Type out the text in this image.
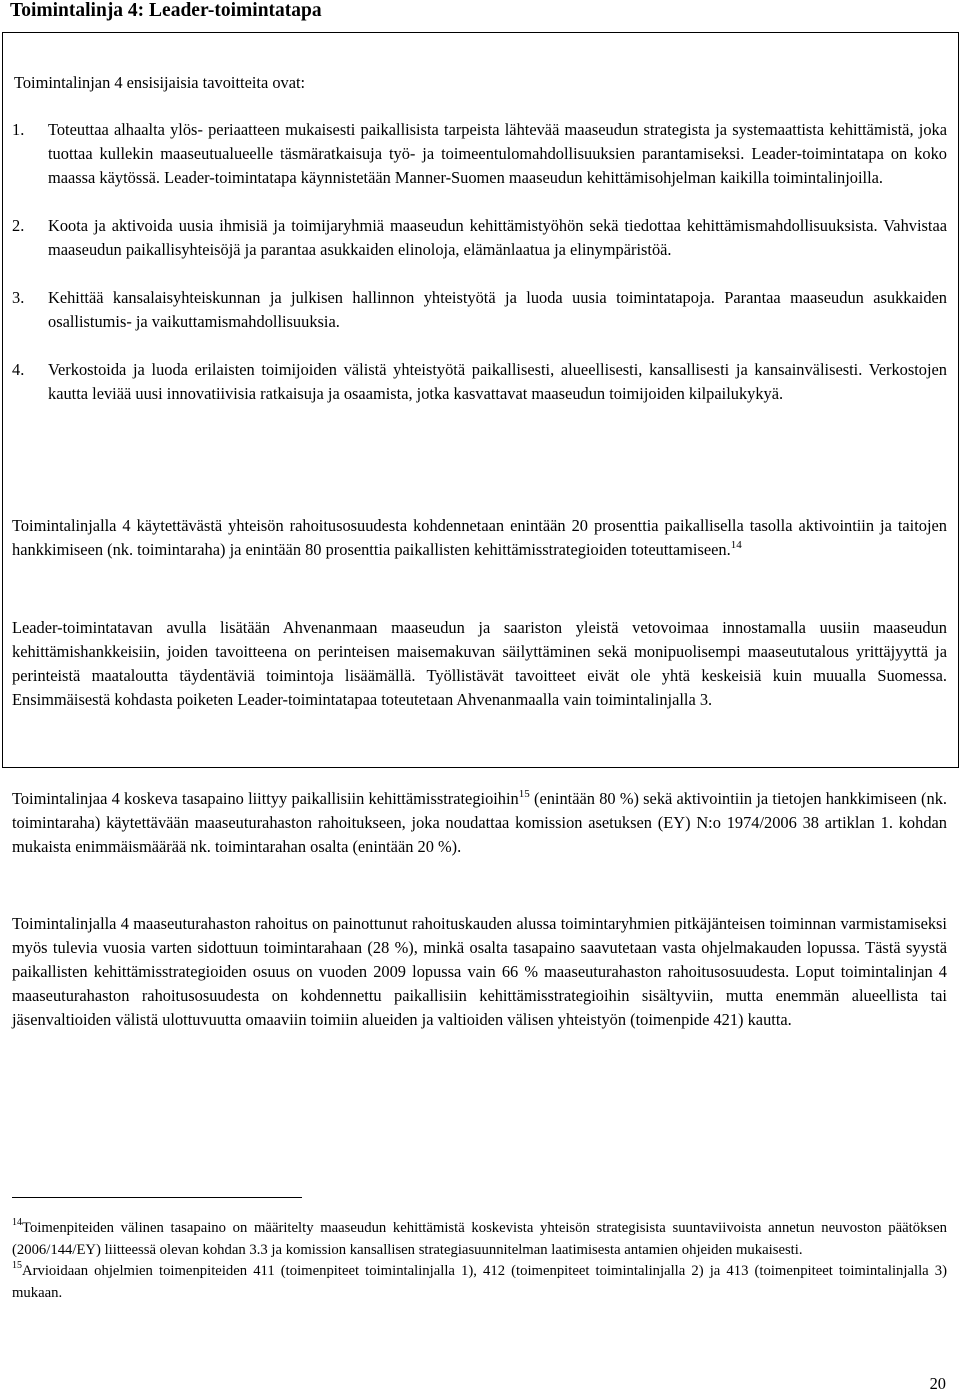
Toimintalinja 4: Leader-toimintatapa

Toimintalinjan 4 ensisijaisia tavoitteita ovat:

1. Toteuttaa alhaalta ylös- periaatteen mukaisesti paikallisista tarpeista lähtevää maaseudun strategista ja systemaattista kehittämistä, joka tuottaa kullekin maaseutualueelle täsmäratkaisuja työ- ja toimeentulomahdollisuuksien parantamiseksi. Leader-toimintatapa on koko maassa käytössä. Leader-toimintatapa käynnistetään Manner-Suomen maaseudun kehittämisohjelman kaikilla toimintalinjoilla.
2. Koota ja aktivoida uusia ihmisiä ja toimijaryhmiä maaseudun kehittämistyöhön sekä tiedottaa kehittämismahdollisuuksista. Vahvistaa maaseudun paikallisyhteisöjä ja parantaa asukkaiden elinoloja, elämänlaatua ja elinympäristöä.
3. Kehittää kansalaisyhteiskunnan ja julkisen hallinnon yhteistyötä ja luoda uusia toimintatapoja. Parantaa maaseudun asukkaiden osallistumis- ja vaikuttamismahdollisuuksia.
4. Verkostoida ja luoda erilaisten toimijoiden välistä yhteistyötä paikallisesti, alueellisesti, kansallisesti ja kansainvälisesti. Verkostojen kautta leviää uusi innovatiivisia ratkaisuja ja osaamista, jotka kasvattavat maaseudun toimijoiden kilpailukykyä.

Toimintalinjalla 4 käytettävästä yhteisön rahoitusosuudesta kohdennetaan enintään 20 prosenttia paikallisella tasolla aktivointiin ja taitojen hankkimiseen (nk. toimintaraha) ja enintään 80 prosenttia paikallisten kehittämisstrategioiden toteuttamiseen.$^{14}$

Leader-toimintatavan avulla lisätään Ahvenanmaan maaseudun ja saariston yleistä vetovoimaa innostamalla uusiin maaseudun kehittämishankkeisiin, joiden tavoitteena on perinteisen maisemakuvan säilyttäminen sekä monipuolisempi maaseututalous yrittäjyyttä ja perinteistä maataloutta täydentäviä toimintoja lisäämällä. Työllistävät tavoitteet eivät ole yhtä keskeisiä kuin muualla Suomessa. Ensimmäisestä kohdasta poiketen Leader-toimintatapaa toteutetaan Ahvenanmaalla vain toimintalinjalla 3.

Toimintalinjaa 4 koskeva tasapaino liittyy paikallisiin kehittämisstrategioihin$^{15}$ (enintään 80 %) sekä aktivointiin ja tietojen hankkimiseen (nk. toimintaraha) käytettävään maaseuturahaston rahoitukseen, joka noudattaa komission asetuksen (EY) N:o 1974/2006 38 artiklan 1. kohdan mukaista enimmäismäärää nk. toimintarahan osalta (enintään 20 %).

Toimintalinjalla 4 maaseuturahaston rahoitus on painottunut rahoituskauden alussa toimintaryhmien pitkäjänteisen toiminnan varmistamiseksi myös tulevia vuosia varten sidottuun toimintarahaan (28 %), minkä osalta tasapaino saavutetaan vasta ohjelmakauden lopussa. Tästä syystä paikallisten kehittämisstrategioiden osuus on vuoden 2009 lopussa vain 66 % maaseuturahaston rahoitusosuudesta. Loput toimintalinjan 4 maaseuturahaston rahoitusosuudesta on kohdennettu paikallisiin kehittämisstrategioihin sisältyviin, mutta enemmän alueellista tai jäsenvaltioiden välistä ulottuvuutta omaaviin toimiin alueiden ja valtioiden välisen yhteistyön (toimenpide 421) kautta.

$^{14}$Toimenpiteiden välinen tasapaino on määritelty maaseudun kehittämistä koskevista yhteisön strategisista suuntaviivoista annetun neuvoston päätöksen (2006/144/EY) liitteessä olevan kohdan 3.3 ja komission kansallisen strategiasuunnitelman laatimisesta antamien ohjeiden mukaisesti.

$^{15}$Arvioidaan ohjelmien toimenpiteiden 411 (toimenpiteet toimintalinjalla 1), 412 (toimenpiteet toimintalinjalla 2) ja 413 (toimenpiteet toimintalinjalla 3) mukaan.

20
